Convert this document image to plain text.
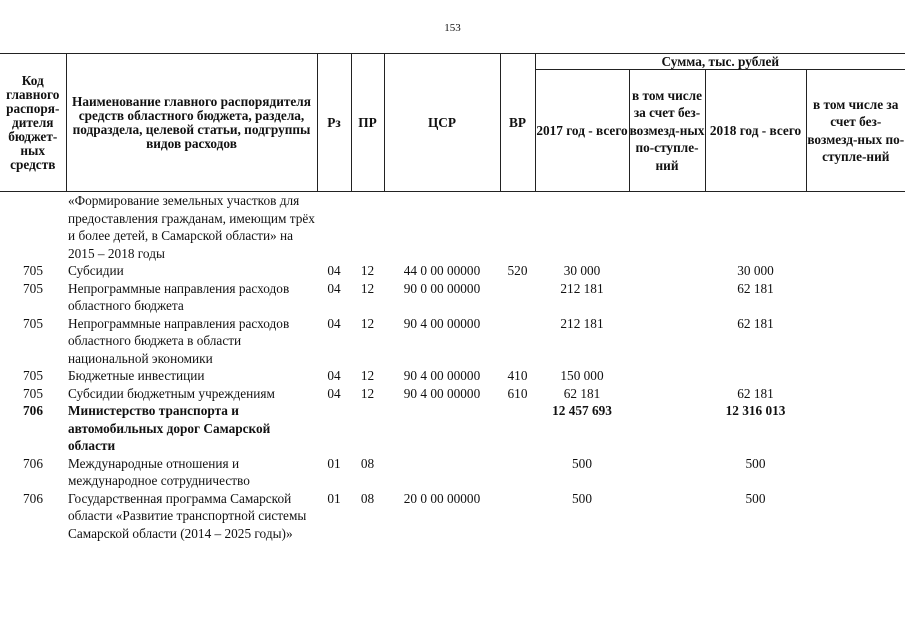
153
Код главного распоря-дителя бюджет-ных средств	Наименование главного распорядителя средств областного бюджета, раздела, подраздела, целевой статьи, подгруппы видов расходов	Рз	ПР	ЦСР	ВР	Сумма, тыс. рублей			
						2017 год - всего	в том числе за счет без-возмезд-ных по-ступле-ний	2018 год - всего	в том числе за счет без-возмезд-ных по-ступле-ний
	«Формирование земельных участков для предоставления гражданам, имеющим трёх и более детей, в Самарской области» на 2015 – 2018 годы								
705	Субсидии	04	12	44 0 00 00000	520	30 000		30 000	
705	Непрограммные направления расходов областного бюджета	04	12	90 0 00 00000		212 181		62 181	
705	Непрограммные направления расходов областного бюджета в области национальной экономики	04	12	90 4 00 00000		212 181		62 181	
705	Бюджетные инвестиции	04	12	90 4 00 00000	410	150 000			
705	Субсидии бюджетным учреждениям	04	12	90 4 00 00000	610	62 181		62 181	
706	Министерство транспорта и автомобильных дорог Самарской области					12 457 693		12 316 013	
706	Международные отношения и международное сотрудничество	01	08			500		500	
706	Государственная программа Самарской области «Развитие транспортной системы Самарской области (2014 – 2025 годы)»	01	08	20 0 00 00000		500		500	
